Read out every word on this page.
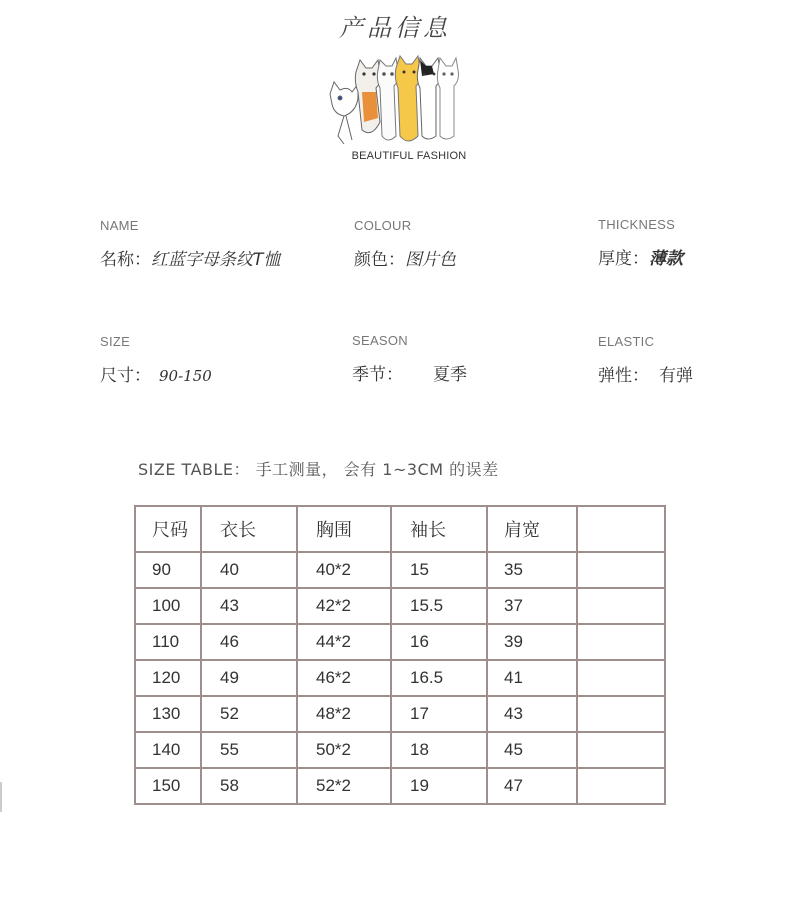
产品信息
BEAUTIFUL FASHION
NAME
名称：红蓝字母条纹T恤
COLOUR
颜色：图片色
THICKNESS
厚度：薄款
SIZE
尺寸： 90-150
SEASON
季节： 夏季
ELASTIC
弹性： 有弹
SIZE TABLE： 手工测量， 会有 1~3CM 的误差
尺码	衣长	胸围	袖长	肩宽	
90	40	40*2	15	35	
100	43	42*2	15.5	37	
110	46	44*2	16	39	
120	49	46*2	16.5	41	
130	52	48*2	17	43	
140	55	50*2	18	45	
150	58	52*2	19	47	
